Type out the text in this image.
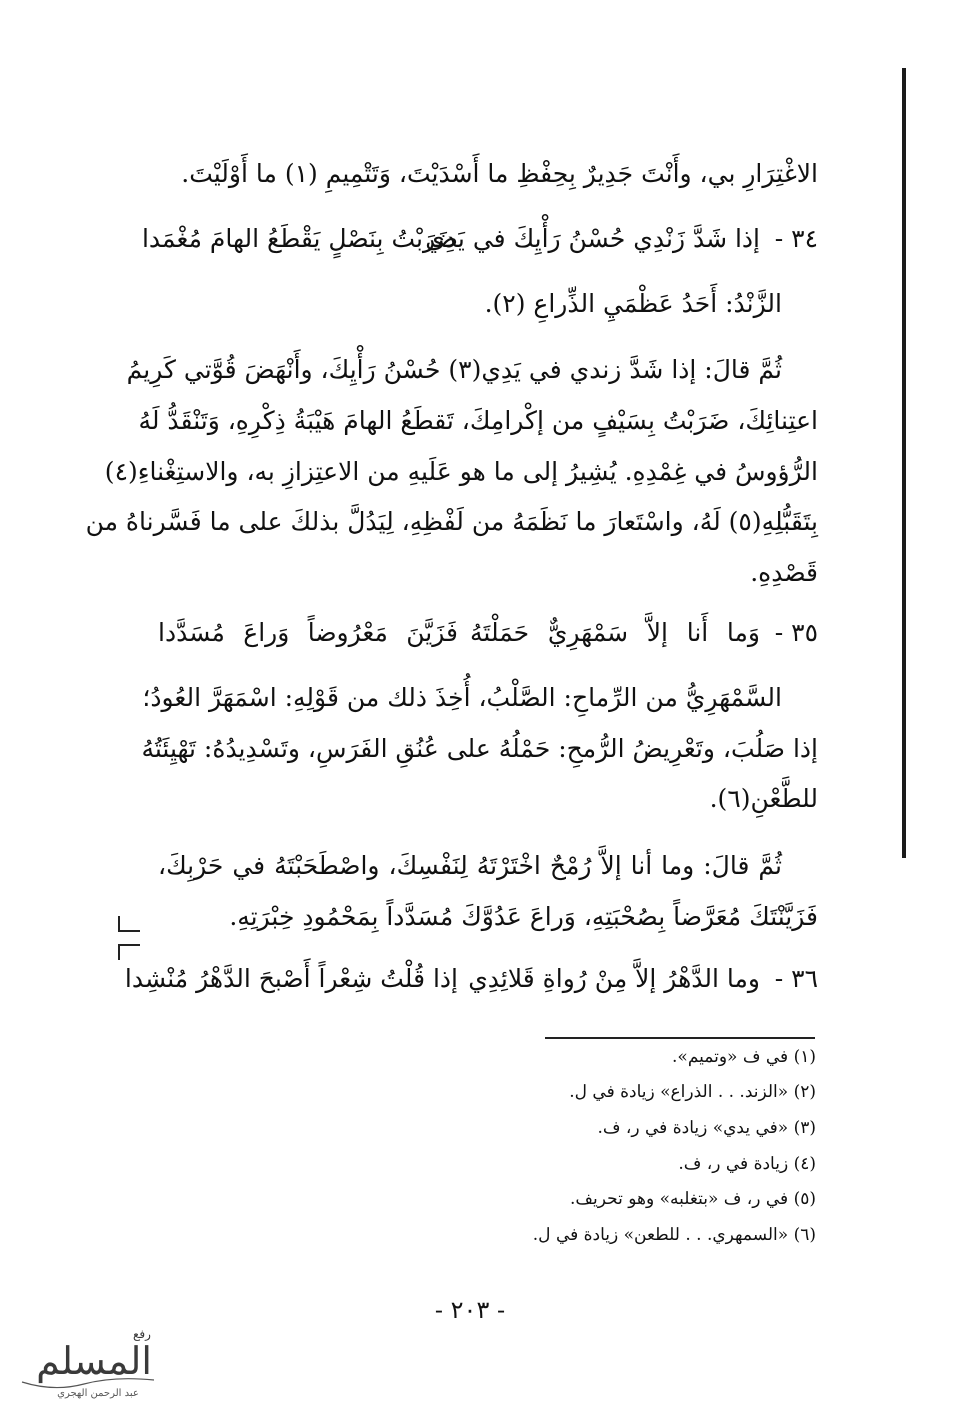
الاغْتِرَارِ بي، وأَنْتَ جَدِيرٌ بِحِفْظِ ما أَسْدَيْتَ، وَتَتْمِيمِ (١) ما أَوْلَيْتَ.
٣٤ -
إذا شَدَّ زَنْدِي حُسْنُ رَأْيِكَ في يَدِي
ضَرَبْتُ بِنَصْلٍ يَقْطَعُ الهامَ مُغْمَدا
الزَّنْدُ: أَحَدُ عَظْمَيِ الذِّراعِ (٢).
ثُمَّ قالَ: إذا شَدَّ زندي في يَدِي(٣) حُسْنُ رَأْيِكَ، وأَنْهَضَ قُوَّتي كَرِيمُ
اعتِنائِكَ، ضَرَبْتُ بِسَيْفٍ من إكْرامِكَ، تَقطَعُ الهامَ هَيْبَةُ ذِكْرِهِ، وَتَنْقَدُّ لَهُ
الرُّؤوسُ في غِمْدِهِ. يُشِيرُ إلى ما هو عَلَيهِ من الاعتِزازِ به، والاستِغْناءِ(٤)
بِتَقَبُّلِهِ(٥) لَهُ، واسْتَعارَ ما نَظَمَهُ من لَفْظِهِ، لِيَدُلَّ بذلكَ على ما فَسَّرناهُ من
قَصْدِهِ.
٣٥ -
وَما أَنا إلاَّ سَمْهَرِيٌّ حَمَلْتَهُ
فَزَيَّنَ مَعْرُوضاً وَراعَ مُسَدَّدا
السَّمْهَرِيُّ من الرِّماحِ: الصَّلْبُ، أُخِذَ ذلك من قَوْلِهِ: اسْمَهَرَّ العُودُ؛
إذا صَلُبَ، وتَعْرِيضُ الرُّمحِ: حَمْلُهُ على عُنُقِ الفَرَسِ، وتَسْدِيدُهُ: تَهْيِئَتُهُ
للطَّعْنِ(٦).
ثُمَّ قالَ: وما أنا إلاَّ رُمْحٌ اخْتَرْتَهُ لِنَفْسِكَ، واصْطَحَبْتَهُ في حَرْبِكَ،
فَزَيَّنْتَكَ مُعَرَّضاً بِصُحْبَتِهِ، وَراعَ عَدُوَّكَ مُسَدَّداً بِمَحْمُودِ خِبْرَتِهِ.
٣٦ -
وما الدَّهْرُ إلاَّ مِنْ رُواةِ قَلائِدِي
إذا قُلْتُ شِعْراً أَصْبحَ الدَّهْرُ مُنْشِدا
(١) في ف «وتميم».
(٢) «الزند. . . الذراع» زيادة في ل.
(٣) «في يدي» زيادة في ر، ف.
(٤) زيادة في ر، ف.
(٥) في ر، ف «بتغلبه» وهو تحريف.
(٦) «السمهري. . . للطعن» زيادة في ل.
- ٢٠٣ -
رفع
المسلم
عبد الرحمن الهجري
